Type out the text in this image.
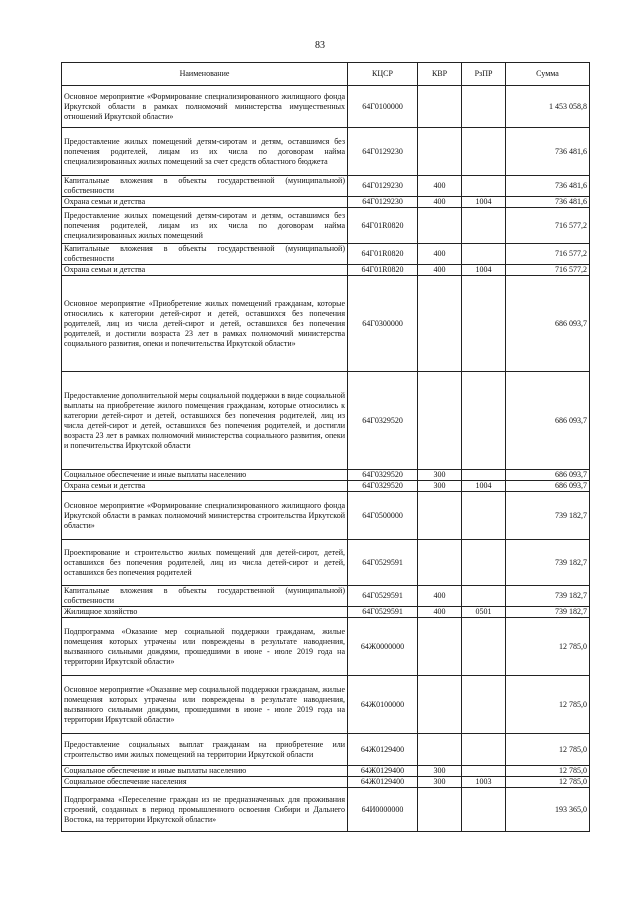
83
Наименование	КЦСР	КВР	РзПР	Сумма
Основное мероприятие «Формирование специализированного жилищного фонда Иркутской области в рамках полномочий министерства имущественных отношений Иркутской области»	64Г0100000			1 453 058,8
Предоставление жилых помещений детям-сиротам и детям, оставшимся без попечения родителей, лицам из их числа по договорам найма специализированных жилых помещений за счет средств областного бюджета	64Г0129230			736 481,6
Капитальные вложения в объекты государственной (муниципальной) собственности	64Г0129230	400		736 481,6
Охрана семьи и детства	64Г0129230	400	1004	736 481,6
Предоставление жилых помещений детям-сиротам и детям, оставшимся без попечения родителей, лицам из их числа по договорам найма специализированных жилых помещений	64Г01R0820			716 577,2
Капитальные вложения в объекты государственной (муниципальной) собственности	64Г01R0820	400		716 577,2
Охрана семьи и детства	64Г01R0820	400	1004	716 577,2
Основное мероприятие «Приобретение жилых помещений гражданам, которые относились к категории детей-сирот и детей, оставшихся без попечения родителей, лиц из числа детей-сирот и детей, оставшихся без попечения родителей, и достигли возраста 23 лет в рамках полномочий министерства социального развития, опеки и попечительства Иркутской области»	64Г0300000			686 093,7
Предоставление дополнительной меры социальной поддержки в виде социальной выплаты на приобретение жилого помещения гражданам, которые относились к категории детей-сирот и детей, оставшихся без попечения родителей, лиц из числа детей-сирот и детей, оставшихся без попечения родителей, и достигли возраста 23 лет в рамках полномочий министерства социального развития, опеки и попечительства Иркутской области	64Г0329520			686 093,7
Социальное обеспечение и иные выплаты населению	64Г0329520	300		686 093,7
Охрана семьи и детства	64Г0329520	300	1004	686 093,7
Основное мероприятие «Формирование специализированного жилищного фонда Иркутской области в рамках полномочий министерства строительства Иркутской области»	64Г0500000			739 182,7
Проектирование и строительство жилых помещений для детей-сирот, детей, оставшихся без попечения родителей, лиц из числа детей-сирот и детей, оставшихся без попечения родителей	64Г0529591			739 182,7
Капитальные вложения в объекты государственной (муниципальной) собственности	64Г0529591	400		739 182,7
Жилищное хозяйство	64Г0529591	400	0501	739 182,7
Подпрограмма «Оказание мер социальной поддержки гражданам, жилые помещения которых утрачены или повреждены в результате наводнения, вызванного сильными дождями, прошедшими в июне - июле 2019 года на территории Иркутской области»	64Ж0000000			12 785,0
Основное мероприятие «Оказание мер социальной поддержки гражданам, жилые помещения которых утрачены или повреждены в результате наводнения, вызванного сильными дождями, прошедшими в июне - июле 2019 года на территории Иркутской области»	64Ж0100000			12 785,0
Предоставление социальных выплат гражданам на приобретение или строительство ими жилых помещений на территории Иркутской области	64Ж0129400			12 785,0
Социальное обеспечение и иные выплаты населению	64Ж0129400	300		12 785,0
Социальное обеспечение населения	64Ж0129400	300	1003	12 785,0
Подпрограмма «Переселение граждан из не предназначенных для проживания строений, созданных в период промышленного освоения Сибири и Дальнего Востока, на территории Иркутской области»	64И0000000			193 365,0
